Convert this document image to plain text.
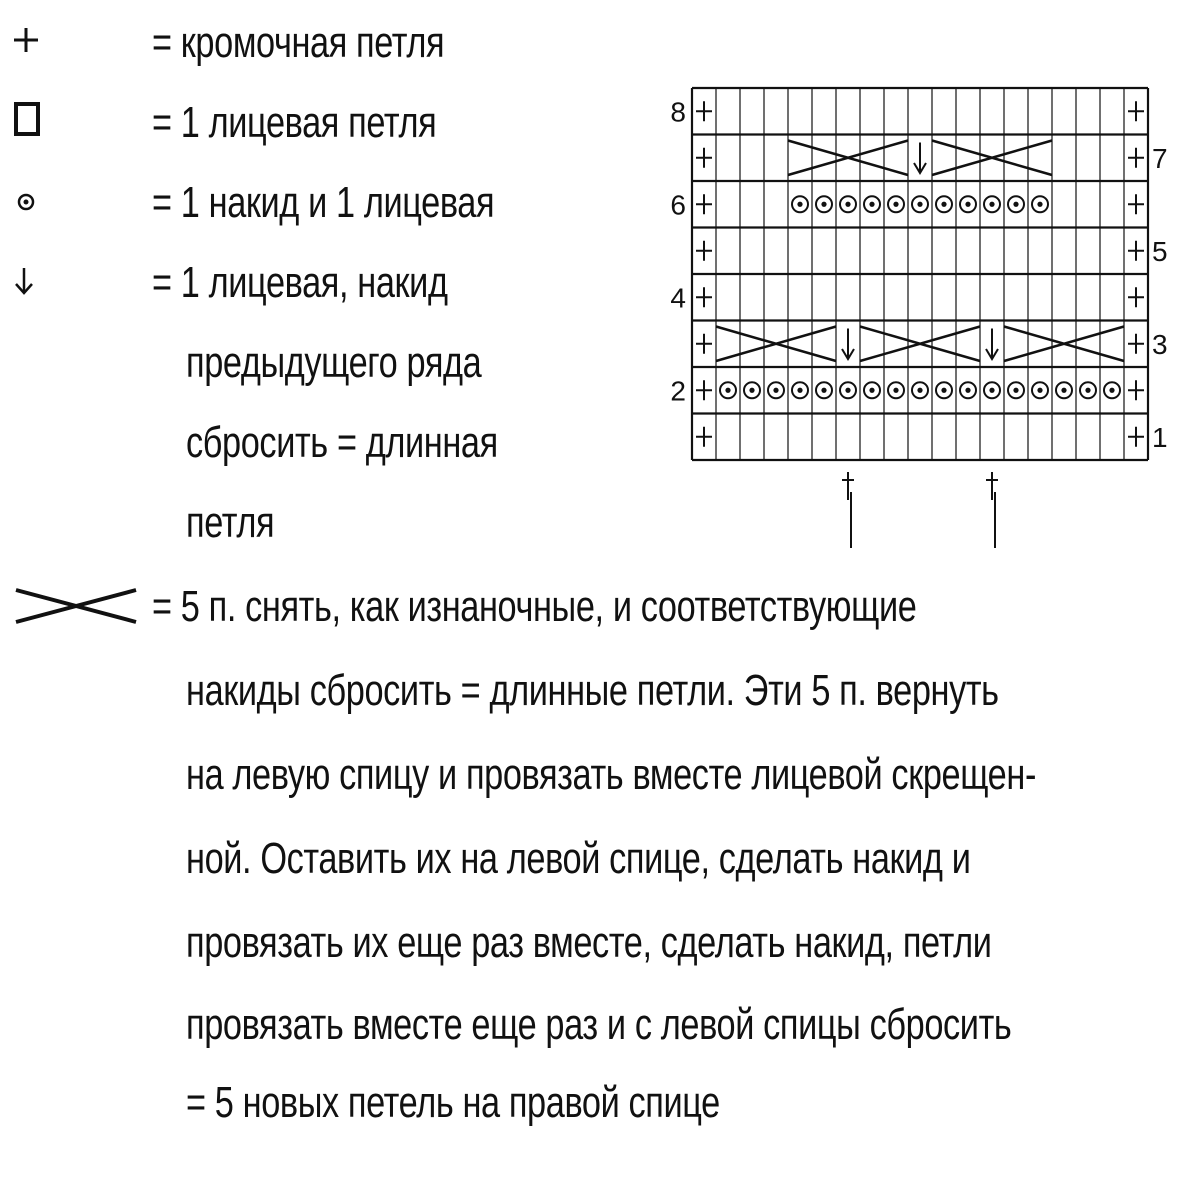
= кромочная петля
= 1 лицевая петля
= 1 накид и 1 лицевая
= 1 лицевая, накид
предыдущего ряда
сбросить = длинная
петля
= 5 п. снять, как изнаночные, и соответствующие
накиды сбросить = длинные петли. Эти 5 п. вернуть
на левую спицу и провязать вместе лицевой скрещен-
ной. Оставить их на левой спице, сделать накид и
провязать их еще раз вместе, сделать накид, петли
провязать вместе еще раз и с левой спицы сбросить
= 5 новых петель на правой спице
8
6
4
2
7
5
3
1
